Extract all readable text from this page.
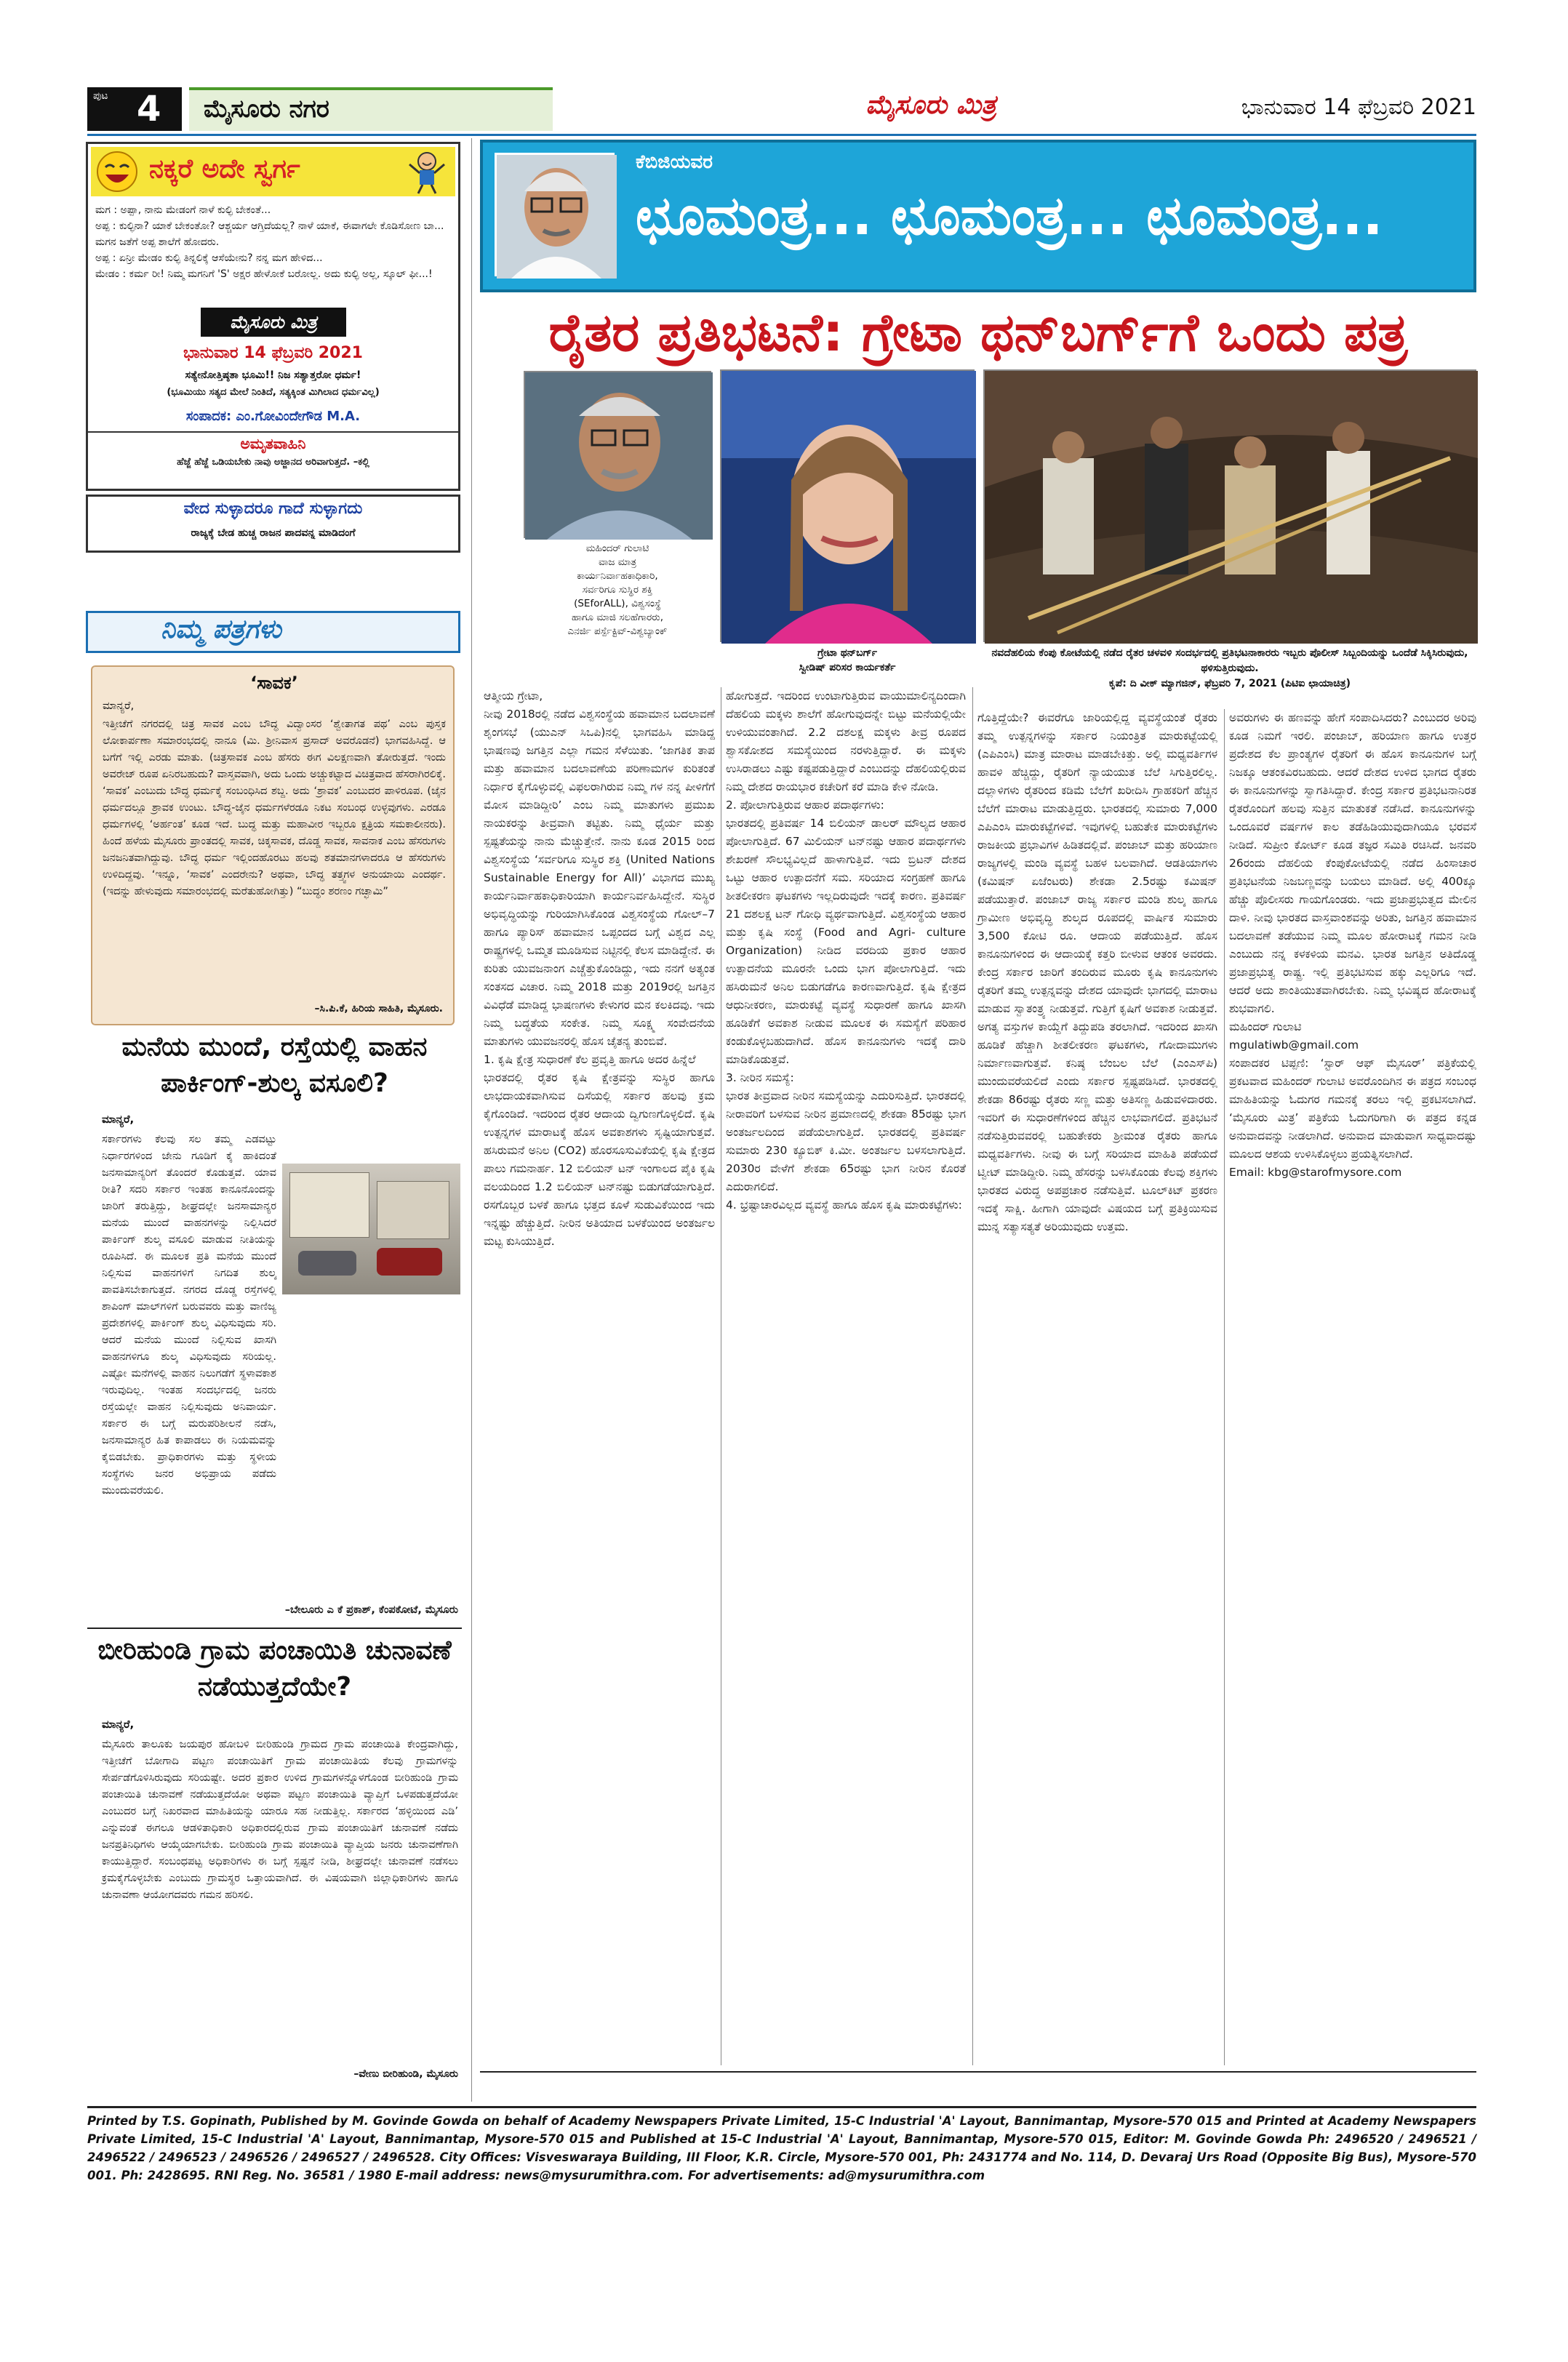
ಪುಟ 4 ಮೈಸೂರು ನಗರ	ಮೈಸೂರು ಮಿತ್ರ	ಭಾನುವಾರ 14 ಫೆಬ್ರವರಿ 2021
ನಕ್ಕರೆ ಅದೇ ಸ್ವರ್ಗ
ಮಗ : ಅಪ್ಪಾ, ನಾನು ಮೇಡಂಗೆ ನಾಳೆ ಕುಲ್ಫಿ ಬೇಕಂತೆ...
ಅಪ್ಪ : ಕುಲ್ಫಿನಾ? ಯಾಕೆ ಬೇಕಂತೋ? ಆಶ್ಚರ್ಯ ಆಗ್ತಿದೆಯಲ್ಲ? ನಾಳೆ ಯಾಕೆ, ಈವಾಗಲೇ ಕೊಡಿಸೋಣ ಬಾ...
ಮಗನ ಜತೆಗೆ ಅಪ್ಪ ಶಾಲೆಗೆ ಹೋದರು.
ಅಪ್ಪ : ಏನ್ರೀ ಮೇಡಂ ಕುಲ್ಫಿ ತಿನ್ನಲಿಕ್ಕೆ ಆಸೆಯೇನು? ನನ್ನ ಮಗ ಹೇಳಿದ...
ಮೇಡಂ : ಕರ್ಮ ರೀ! ನಿಮ್ಮ ಮಗನಿಗೆ 'S' ಅಕ್ಷರ ಹೇಳೋಕೆ ಬರೋಲ್ಲ. ಅದು ಕುಲ್ಫಿ ಅಲ್ಲ, ಸ್ಕೂಲ್ ಫೀ...!
ಮೈಸೂರು ಮಿತ್ರ
ಭಾನುವಾರ 14 ಫೆಬ್ರವರಿ 2021
ಸತ್ಯೇನೋತ್ತಿಷ್ಠತಾ ಭೂಮಿ!! ನಿಜ ಸತ್ಯಾತ್ತರೋ ಧರ್ಮ!
(ಭೂಮಿಯು ಸತ್ಯದ ಮೇಲೆ ನಿಂತಿದೆ, ಸತ್ಯಕ್ಕಿಂತ ಮಿಗಿಲಾದ ಧರ್ಮವಿಲ್ಲ)
ಸಂಪಾದಕ: ಎಂ.ಗೋವಿಂದೇಗೌಡ M.A.
ಅಮೃತವಾಹಿನಿ
ಹೆಜ್ಜೆ ಹೆಜ್ಜೆ ಒಡಿಯಬೇಕು ನಾವು ಅಜ್ಜಾನದ ಅರಿವಾಗುತ್ತದೆ. –ಕಲ್ಲಿ
ವೇದ ಸುಳ್ಳಾದರೂ ಗಾದೆ ಸುಳ್ಳಾಗದು
ರಾಜ್ಯಕ್ಕೆ ಬೇಡ ಹುಚ್ಚ ರಾಜನ ಪಾದವನ್ನ ಮಾಡಿದಂಗೆ
ನಿಮ್ಮ ಪತ್ರಗಳು
‘ಸಾವಕ’
ಮಾನ್ಯರೆ,
ಇತ್ತೀಚೆಗೆ ನಗರದಲ್ಲಿ ಚಿತ್ರ ಸಾವಕ ಎಂಬ ಬೌದ್ಧ ವಿದ್ವಾಂಸರ ‘ಶ್ವೇತಾಗತ ಪಥ’ ಎಂಬ ಪುಸ್ತಕ ಲೋಕಾರ್ಪಣಾ ಸಮಾರಂಭದಲ್ಲಿ ನಾನೂ (ಮಿ. ಶ್ರೀನಿವಾಸ ಪ್ರಸಾದ್ ಅವರೊಡನೆ) ಭಾಗವಹಿಸಿದ್ದೆ. ಆ ಬಗೆಗೆ ಇಲ್ಲಿ ಎರಡು ಮಾತು. (ಚಿತ್ರಸಾವಕ ಎಂಬ ಹೆಸರು ಈಗ ವಿಲಕ್ಷಣವಾಗಿ ತೋರುತ್ತದೆ. ಇಂದು ಅವರೇಜ್ ರೂಪ ಏನಿರಬಹುದು? ವಾಸ್ತವವಾಗಿ, ಅದು ಒಂದು ಅಚ್ಚುಕಟ್ಟಾದ ವಿಚಿತ್ರವಾದ ಹೆಸರಾಗಿರಲಿಕ್ಕೆ. ‘ಸಾವಕ’ ಎಂಬುದು ಬೌದ್ಧ ಧರ್ಮಕ್ಕೆ ಸಂಬಂಧಿಸಿದ ಶಬ್ದ. ಅದು ‘ಶ್ರಾವಕ’ ಎಂಬುದರ ಪಾಳಿರೂಪ. (ಜೈನ ಧರ್ಮದಲ್ಲೂ ಶ್ರಾವಕ ಉಂಟು. ಬೌದ್ಧ-ಜೈನ ಧರ್ಮಗಳೆರಡೂ ನಿಕಟ ಸಂಬಂಧ ಉಳ್ಳವುಗಳು. ಎರಡೂ ಧರ್ಮಗಳಲ್ಲಿ ‘ಅರ್ಹಂತ’ ಕೂಡ ಇದೆ. ಬುದ್ಧ ಮತ್ತು ಮಹಾವೀರ ಇಬ್ಬರೂ ಕ್ಷತ್ರಿಯ ಸಮಕಾಲೀನರು). ಹಿಂದೆ ಹಳೆಯ ಮೈಸೂರು ಪ್ರಾಂತದಲ್ಲಿ ಸಾವಕ, ಚಿಕ್ಕಸಾವಕ, ದೊಡ್ಡ ಸಾವಕ, ಸಾವನಾಕ ಎಂಬ ಹೆಸರುಗಳು ಜನಜನಿತವಾಗಿದ್ದುವು. ಬೌದ್ಧ ಧರ್ಮ ಇಲ್ಲಿಂದಹೊರಟು ಹಲವು ಶತಮಾನಗಳಾದರೂ ಆ ಹೆಸರುಗಳು ಉಳಿದಿದ್ದವು. ‘ಇನ್ನೂ, ‘ಸಾವಕ’ ಎಂದರೇನು? ಅಥವಾ, ಬೌದ್ಧ ತತ್ತ್ವಗಳ ಅನುಯಾಯಿ ಎಂದರ್ಥ. (ಇದನ್ನು ಹೇಳುವುದು ಸಮಾರಂಭದಲ್ಲಿ ಮರೆತುಹೋಗಿತ್ತು) “ಬುದ್ಧಂ ಶರಣಂ ಗಚ್ಛಾಮಿ”
–ಸಿ.ಪಿ.ಕೆ, ಹಿರಿಯ ಸಾಹಿತಿ, ಮೈಸೂರು.
ಮನೆಯ ಮುಂದೆ, ರಸ್ತೆಯಲ್ಲಿ ವಾಹನ ಪಾರ್ಕಿಂಗ್-ಶುಲ್ಕ ವಸೂಲಿ?
ಮಾನ್ಯರೆ,
ಸರ್ಕಾರಗಳು ಕೆಲವು ಸಲ ತಮ್ಮ ಎಡವಟ್ಟು ನಿರ್ಧಾರಗಳಿಂದ ಜೇನು ಗೂಡಿಗೆ ಕೈ ಹಾಕಿದಂತೆ ಜನಸಾಮಾನ್ಯರಿಗೆ ತೊಂದರೆ ಕೊಡುತ್ತವೆ. ಯಾವ ರೀತಿ? ಸದರಿ ಸರ್ಕಾರ ಇಂತಹ ಕಾನೂನೊಂದನ್ನು ಜಾರಿಗೆ ತರುತ್ತಿದ್ದು, ಶೀಘ್ರದಲ್ಲೇ ಜನಸಾಮಾನ್ಯರ ಮನೆಯ ಮುಂದೆ ವಾಹನಗಳನ್ನು ನಿಲ್ಲಿಸಿದರೆ ಪಾರ್ಕಿಂಗ್ ಶುಲ್ಕ ವಸೂಲಿ ಮಾಡುವ ನೀತಿಯನ್ನು ರೂಪಿಸಿದೆ. ಈ ಮೂಲಕ ಪ್ರತಿ ಮನೆಯ ಮುಂದೆ ನಿಲ್ಲಿಸುವ ವಾಹನಗಳಿಗೆ ನಿಗದಿತ ಶುಲ್ಕ ಪಾವತಿಸಬೇಕಾಗುತ್ತದೆ. ನಗರದ ದೊಡ್ಡ ರಸ್ತೆಗಳಲ್ಲಿ ಶಾಪಿಂಗ್ ಮಾಲ್‌ಗಳಿಗೆ ಬರುವವರು ಮತ್ತು ವಾಣಿಜ್ಯ ಪ್ರದೇಶಗಳಲ್ಲಿ ಪಾರ್ಕಿಂಗ್ ಶುಲ್ಕ ವಿಧಿಸುವುದು ಸರಿ. ಆದರೆ ಮನೆಯ ಮುಂದೆ ನಿಲ್ಲಿಸುವ ಖಾಸಗಿ ವಾಹನಗಳಿಗೂ ಶುಲ್ಕ ವಿಧಿಸುವುದು ಸರಿಯಲ್ಲ. ಎಷ್ಟೋ ಮನೆಗಳಲ್ಲಿ ವಾಹನ ನಿಲುಗಡೆಗೆ ಸ್ಥಳಾವಕಾಶ ಇರುವುದಿಲ್ಲ. ಇಂತಹ ಸಂದರ್ಭದಲ್ಲಿ ಜನರು ರಸ್ತೆಯಲ್ಲೇ ವಾಹನ ನಿಲ್ಲಿಸುವುದು ಅನಿವಾರ್ಯ. ಸರ್ಕಾರ ಈ ಬಗ್ಗೆ ಮರುಪರಿಶೀಲನೆ ನಡೆಸಿ, ಜನಸಾಮಾನ್ಯರ ಹಿತ ಕಾಪಾಡಲು ಈ ನಿಯಮವನ್ನು ಕೈಬಿಡಬೇಕು. ಪ್ರಾಧಿಕಾರಗಳು ಮತ್ತು ಸ್ಥಳೀಯ ಸಂಸ್ಥೆಗಳು ಜನರ ಅಭಿಪ್ರಾಯ ಪಡೆದು ಮುಂದುವರೆಯಲಿ.
–ಬೇಲೂರು ಎ ಕೆ ಪ್ರಕಾಶ್, ಕೆಂಪಕೋಟೆ, ಮೈಸೂರು
ಬೀರಿಹುಂಡಿ ಗ್ರಾಮ ಪಂಚಾಯಿತಿ ಚುನಾವಣೆ ನಡೆಯುತ್ತದೆಯೇ?
ಮಾನ್ಯರೆ,
ಮೈಸೂರು ತಾಲೂಕು ಜಯಪುರ ಹೋಬಳಿ ಬೀರಿಹುಂಡಿ ಗ್ರಾಮದ ಗ್ರಾಮ ಪಂಚಾಯಿತಿ ಕೇಂದ್ರವಾಗಿದ್ದು, ಇತ್ತೀಚೆಗೆ ಬೋಗಾದಿ ಪಟ್ಟಣ ಪಂಚಾಯಿತಿಗೆ ಗ್ರಾಮ ಪಂಚಾಯಿತಿಯ ಕೆಲವು ಗ್ರಾಮಗಳನ್ನು ಸೇರ್ಪಡೆಗೊಳಿಸಿರುವುದು ಸರಿಯಷ್ಟೇ. ಅದರ ಪ್ರಕಾರ ಉಳಿದ ಗ್ರಾಮಗಳನ್ನೊಳಗೊಂಡ ಬೀರಿಹುಂಡಿ ಗ್ರಾಮ ಪಂಚಾಯಿತಿ ಚುನಾವಣೆ ನಡೆಯುತ್ತದೆಯೋ ಅಥವಾ ಪಟ್ಟಣ ಪಂಚಾಯಿತಿ ವ್ಯಾಪ್ತಿಗೆ ಒಳಪಡುತ್ತದೆಯೋ ಎಂಬುದರ ಬಗ್ಗೆ ನಿಖರವಾದ ಮಾಹಿತಿಯನ್ನು ಯಾರೂ ಸಹ ನೀಡುತ್ತಿಲ್ಲ. ಸರ್ಕಾರದ ‘ಹಳ್ಳಿಯಿಂದ ಎಡಿ’ ಎನ್ನುವಂತೆ ಈಗಲೂ ಆಡಳಿತಾಧಿಕಾರಿ ಅಧಿಕಾರದಲ್ಲಿರುವ ಗ್ರಾಮ ಪಂಚಾಯಿತಿಗೆ ಚುನಾವಣೆ ನಡೆದು ಜನಪ್ರತಿನಿಧಿಗಳು ಆಯ್ಕೆಯಾಗಬೇಕು. ಬೀರಿಹುಂಡಿ ಗ್ರಾಮ ಪಂಚಾಯಿತಿ ವ್ಯಾಪ್ತಿಯ ಜನರು ಚುನಾವಣೆಗಾಗಿ ಕಾಯುತ್ತಿದ್ದಾರೆ. ಸಂಬಂಧಪಟ್ಟ ಅಧಿಕಾರಿಗಳು ಈ ಬಗ್ಗೆ ಸ್ಪಷ್ಟನೆ ನೀಡಿ, ಶೀಘ್ರದಲ್ಲೇ ಚುನಾವಣೆ ನಡೆಸಲು ಕ್ರಮಕೈಗೊಳ್ಳಬೇಕು ಎಂಬುದು ಗ್ರಾಮಸ್ಥರ ಒತ್ತಾಯವಾಗಿದೆ. ಈ ವಿಷಯವಾಗಿ ಜಿಲ್ಲಾಧಿಕಾರಿಗಳು ಹಾಗೂ ಚುನಾವಣಾ ಆಯೋಗದವರು ಗಮನ ಹರಿಸಲಿ.
–ವೇಣು ಬೀರಿಹುಂಡಿ, ಮೈಸೂರು
ಕೆಬಿಜಿಯವರ
ಛೂಮಂತ್ರ... ಛೂಮಂತ್ರ... ಛೂಮಂತ್ರ...
ರೈತರ ಪ್ರತಿಭಟನೆ: ಗ್ರೇಟಾ ಥನ್‌ಬರ್ಗ್‌ಗೆ ಒಂದು ಪತ್ರ
ಮಹಿಂದರ್ ಗುಲಾಟಿ
ವಾಜ ಮಾತ್ರ
ಕಾರ್ಯನಿರ್ವಾಹಕಾಧಿಕಾರಿ,
ಸರ್ವರಿಗೂ ಸುಸ್ಥಿರ ಶಕ್ತಿ
(SEforALL), ವಿಶ್ವಸಂಸ್ಥೆ
ಹಾಗೂ ಮಾಜಿ ಸಲಹೆಗಾರರು,
ಎನರ್ಜಿ ಪರ್ಸ್ಪೆಕ್ಟಿವ್-ವಿಶ್ವಬ್ಯಾಂಕ್
ಗ್ರೇಟಾ ಥನ್‌ಬರ್ಗ್
ಸ್ವೀಡಿಷ್ ಪರಿಸರ ಕಾರ್ಯಕರ್ತೆ
ನವದೆಹಲಿಯ ಕೆಂಪು ಕೋಟೆಯಲ್ಲಿ ನಡೆದ ರೈತರ ಚಳವಳಿ ಸಂದರ್ಭದಲ್ಲಿ ಪ್ರತಿಭಟನಾಕಾರರು ಇಬ್ಬರು ಪೊಲೀಸ್ ಸಿಬ್ಬಂದಿಯನ್ನು ಒಂದೆಡೆ ಸಿಕ್ಕಿಸಿರುವುದು, ಥಳಿಸುತ್ತಿರುವುದು.
ಕೃಪೆ: ದಿ ವೀಕ್ ಮ್ಯಾಗಜಿನ್, ಫೆಬ್ರವರಿ 7, 2021 (ಪಿಟಿಐ ಛಾಯಾಚಿತ್ರ)
ಆತ್ಮೀಯ ಗ್ರೇಟಾ,
ನೀವು 2018ರಲ್ಲಿ ನಡೆದ ವಿಶ್ವಸಂಸ್ಥೆಯ ಹವಾಮಾನ ಬದಲಾವಣೆ ಶೃಂಗಸಭೆ (ಯುಎನ್ ಸಿಒಪಿ)ನಲ್ಲಿ ಭಾಗವಹಿಸಿ ಮಾಡಿದ್ದ ಭಾಷಣವು ಜಗತ್ತಿನ ಎಲ್ಲಾ ಗಮನ ಸೆಳೆಯಿತು. ‘ಜಾಗತಿಕ ತಾಪ ಮತ್ತು ಹವಾಮಾನ ಬದಲಾವಣೆಯ ಪರಿಣಾಮಗಳ ಕುರಿತಂತೆ ನಿರ್ಧಾರ ಕೈಗೊಳ್ಳುವಲ್ಲಿ ವಿಫಲರಾಗಿರುವ ನಿಮ್ಮ ಗಳ ನನ್ನ ಪೀಳಿಗೆಗೆ ಮೋಸ ಮಾಡಿದ್ದೀರಿ’ ಎಂಬ ನಿಮ್ಮ ಮಾತುಗಳು ಪ್ರಮುಖ ನಾಯಕರನ್ನು ತೀವ್ರವಾಗಿ ತಟ್ಟಿತು. ನಿಮ್ಮ ಧೈರ್ಯ ಮತ್ತು ಸ್ಪಷ್ಟತೆಯನ್ನು ನಾನು ಮೆಚ್ಚುತ್ತೇನೆ. ನಾನು ಕೂಡ 2015 ರಿಂದ ವಿಶ್ವಸಂಸ್ಥೆಯ ‘ಸರ್ವರಿಗೂ ಸುಸ್ಥಿರ ಶಕ್ತಿ (United Nations Sustainable Energy for All)’ ವಿಭಾಗದ ಮುಖ್ಯ ಕಾರ್ಯನಿರ್ವಾಹಕಾಧಿಕಾರಿಯಾಗಿ ಕಾರ್ಯನಿರ್ವಹಿಸಿದ್ದೇನೆ. ಸುಸ್ಥಿರ ಅಭಿವೃದ್ಧಿಯನ್ನು ಗುರಿಯಾಗಿಸಿಕೊಂಡ ವಿಶ್ವಸಂಸ್ಥೆಯ ಗೋಲ್–7 ಹಾಗೂ ಪ್ಯಾರಿಸ್ ಹವಾಮಾನ ಒಪ್ಪಂದದ ಬಗ್ಗೆ ವಿಶ್ವದ ಎಲ್ಲ ರಾಷ್ಟ್ರಗಳಲ್ಲಿ ಒಮ್ಮತ ಮೂಡಿಸುವ ನಿಟ್ಟಿನಲ್ಲಿ ಕೆಲಸ ಮಾಡಿದ್ದೇನೆ. ಈ ಕುರಿತು ಯುವಜನಾಂಗ ಎಚ್ಚೆತ್ತುಕೊಂಡಿದ್ದು, ಇದು ನನಗೆ ಅತ್ಯಂತ ಸಂತಸದ ವಿಚಾರ. ನಿಮ್ಮ 2018 ಮತ್ತು 2019ರಲ್ಲಿ ಜಗತ್ತಿನ ವಿವಿಧೆಡೆ ಮಾಡಿದ್ದ ಭಾಷಣಗಳು ಕೇಳುಗರ ಮನ ಕಲಕಿದವು. ಇದು ನಿಮ್ಮ ಬದ್ಧತೆಯ ಸಂಕೇತ. ನಿಮ್ಮ ಸೂಕ್ಷ್ಮ ಸಂವೇದನೆಯ ಮಾತುಗಳು ಯುವಜನರಲ್ಲಿ ಹೊಸ ಚೈತನ್ಯ ತುಂಬಿವೆ.
1. ಕೃಷಿ ಕ್ಷೇತ್ರ ಸುಧಾರಣೆ ಕೆಲ ಪ್ರವೃತ್ತಿ ಹಾಗೂ ಅದರ ಹಿನ್ನೆಲೆ
ಭಾರತದಲ್ಲಿ ರೈತರ ಕೃಷಿ ಕ್ಷೇತ್ರವನ್ನು ಸುಸ್ಥಿರ ಹಾಗೂ ಲಾಭದಾಯಕವಾಗಿಸುವ ದಿಸೆಯಲ್ಲಿ ಸರ್ಕಾರ ಹಲವು ಕ್ರಮ ಕೈಗೊಂಡಿದೆ. ಇದರಿಂದ ರೈತರ ಆದಾಯ ದ್ವಿಗುಣಗೊಳ್ಳಲಿದೆ. ಕೃಷಿ ಉತ್ಪನ್ನಗಳ ಮಾರಾಟಕ್ಕೆ ಹೊಸ ಅವಕಾಶಗಳು ಸೃಷ್ಟಿಯಾಗುತ್ತವೆ. ಹಸಿರುಮನೆ ಅನಿಲ (CO2) ಹೊರಸೂಸುವಿಕೆಯಲ್ಲಿ ಕೃಷಿ ಕ್ಷೇತ್ರದ ಪಾಲು ಗಮನಾರ್ಹ. 12 ಬಿಲಿಯನ್ ಟನ್ ಇಂಗಾಲದ ಪೈಕಿ ಕೃಷಿ ವಲಯದಿಂದ 1.2 ಬಿಲಿಯನ್ ಟನ್‌ನಷ್ಟು ಬಿಡುಗಡೆಯಾಗುತ್ತಿದೆ. ರಸಗೊಬ್ಬರ ಬಳಕೆ ಹಾಗೂ ಭತ್ತದ ಕೂಳೆ ಸುಡುವಿಕೆಯಿಂದ ಇದು ಇನ್ನಷ್ಟು ಹೆಚ್ಚುತ್ತಿದೆ. ನೀರಿನ ಅತಿಯಾದ ಬಳಕೆಯಿಂದ ಅಂತರ್ಜಲ ಮಟ್ಟ ಕುಸಿಯುತ್ತಿದೆ.
ಹೋಗುತ್ತದೆ. ಇದರಿಂದ ಉಂಟಾಗುತ್ತಿರುವ ವಾಯುಮಾಲಿನ್ಯದಿಂದಾಗಿ ದೆಹಲಿಯ ಮಕ್ಕಳು ಶಾಲೆಗೆ ಹೋಗುವುದನ್ನೇ ಬಿಟ್ಟು ಮನೆಯಲ್ಲಿಯೇ ಉಳಿಯುವಂತಾಗಿದೆ. 2.2 ದಶಲಕ್ಷ ಮಕ್ಕಳು ತೀವ್ರ ರೂಪದ ಶ್ವಾಸಕೋಶದ ಸಮಸ್ಯೆಯಿಂದ ನರಳುತ್ತಿದ್ದಾರೆ. ಈ ಮಕ್ಕಳು ಉಸಿರಾಡಲು ಎಷ್ಟು ಕಷ್ಟಪಡುತ್ತಿದ್ದಾರೆ ಎಂಬುದನ್ನು ದೆಹಲಿಯಲ್ಲಿರುವ ನಿಮ್ಮ ದೇಶದ ರಾಯಭಾರ ಕಚೇರಿಗೆ ಕರೆ ಮಾಡಿ ಕೇಳಿ ನೋಡಿ.
2. ಪೋಲಾಗುತ್ತಿರುವ ಆಹಾರ ಪದಾರ್ಥಗಳು:
ಭಾರತದಲ್ಲಿ ಪ್ರತಿವರ್ಷ 14 ಬಿಲಿಯನ್ ಡಾಲರ್ ಮೌಲ್ಯದ ಆಹಾರ ಪೋಲಾಗುತ್ತಿದೆ. 67 ಮಿಲಿಯನ್ ಟನ್‌ನಷ್ಟು ಆಹಾರ ಪದಾರ್ಥಗಳು ಶೇಖರಣೆ ಸೌಲಭ್ಯವಿಲ್ಲದೆ ಹಾಳಾಗುತ್ತಿವೆ. ಇದು ಬ್ರಿಟನ್ ದೇಶದ ಒಟ್ಟು ಆಹಾರ ಉತ್ಪಾದನೆಗೆ ಸಮ. ಸರಿಯಾದ ಸಂಗ್ರಹಣೆ ಹಾಗೂ ಶೀತಲೀಕರಣ ಘಟಕಗಳು ಇಲ್ಲದಿರುವುದೇ ಇದಕ್ಕೆ ಕಾರಣ. ಪ್ರತಿವರ್ಷ 21 ದಶಲಕ್ಷ ಟನ್ ಗೋಧಿ ವ್ಯರ್ಥವಾಗುತ್ತಿದೆ. ವಿಶ್ವಸಂಸ್ಥೆಯ ಆಹಾರ ಮತ್ತು ಕೃಷಿ ಸಂಸ್ಥೆ (Food and Agri- culture Organization) ನೀಡಿದ ವರದಿಯ ಪ್ರಕಾರ ಆಹಾರ ಉತ್ಪಾದನೆಯ ಮೂರನೇ ಒಂದು ಭಾಗ ಪೋಲಾಗುತ್ತಿದೆ. ಇದು ಹಸಿರುಮನೆ ಅನಿಲ ಬಿಡುಗಡೆಗೂ ಕಾರಣವಾಗುತ್ತಿದೆ. ಕೃಷಿ ಕ್ಷೇತ್ರದ ಆಧುನೀಕರಣ, ಮಾರುಕಟ್ಟೆ ವ್ಯವಸ್ಥೆ ಸುಧಾರಣೆ ಹಾಗೂ ಖಾಸಗಿ ಹೂಡಿಕೆಗೆ ಅವಕಾಶ ನೀಡುವ ಮೂಲಕ ಈ ಸಮಸ್ಯೆಗೆ ಪರಿಹಾರ ಕಂಡುಕೊಳ್ಳಬಹುದಾಗಿದೆ. ಹೊಸ ಕಾನೂನುಗಳು ಇದಕ್ಕೆ ದಾರಿ ಮಾಡಿಕೊಡುತ್ತವೆ.
3. ನೀರಿನ ಸಮಸ್ಯೆ:
ಭಾರತ ತೀವ್ರವಾದ ನೀರಿನ ಸಮಸ್ಯೆಯನ್ನು ಎದುರಿಸುತ್ತಿದೆ. ಭಾರತದಲ್ಲಿ ನೀರಾವರಿಗೆ ಬಳಸುವ ನೀರಿನ ಪ್ರಮಾಣದಲ್ಲಿ ಶೇಕಡಾ 85ರಷ್ಟು ಭಾಗ ಅಂತರ್ಜಲದಿಂದ ಪಡೆಯಲಾಗುತ್ತಿದೆ. ಭಾರತದಲ್ಲಿ ಪ್ರತಿವರ್ಷ ಸುಮಾರು 230 ಕ್ಯೂಬಿಕ್ ಕಿ.ಮೀ. ಅಂತರ್ಜಲ ಬಳಸಲಾಗುತ್ತಿದೆ. 2030ರ ವೇಳೆಗೆ ಶೇಕಡಾ 65ರಷ್ಟು ಭಾಗ ನೀರಿನ ಕೊರತೆ ಎದುರಾಗಲಿದೆ.
4. ಭ್ರಷ್ಟಾಚಾರವಿಲ್ಲದ ವ್ಯವಸ್ಥೆ ಹಾಗೂ ಹೊಸ ಕೃಷಿ ಮಾರುಕಟ್ಟೆಗಳು:
ಗೊತ್ತಿದ್ದೆಯೇ? ಈವರೆಗೂ ಜಾರಿಯಲ್ಲಿದ್ದ ವ್ಯವಸ್ಥೆಯಂತೆ ರೈತರು ತಮ್ಮ ಉತ್ಪನ್ನಗಳನ್ನು ಸರ್ಕಾರ ನಿಯಂತ್ರಿತ ಮಾರುಕಟ್ಟೆಯಲ್ಲಿ (ಎಪಿಎಂಸಿ) ಮಾತ್ರ ಮಾರಾಟ ಮಾಡಬೇಕಿತ್ತು. ಅಲ್ಲಿ ಮಧ್ಯವರ್ತಿಗಳ ಹಾವಳಿ ಹೆಚ್ಚಿದ್ದು, ರೈತರಿಗೆ ನ್ಯಾಯಯುತ ಬೆಲೆ ಸಿಗುತ್ತಿರಲಿಲ್ಲ. ದಲ್ಲಾಳಿಗಳು ರೈತರಿಂದ ಕಡಿಮೆ ಬೆಲೆಗೆ ಖರೀದಿಸಿ ಗ್ರಾಹಕರಿಗೆ ಹೆಚ್ಚಿನ ಬೆಲೆಗೆ ಮಾರಾಟ ಮಾಡುತ್ತಿದ್ದರು. ಭಾರತದಲ್ಲಿ ಸುಮಾರು 7,000 ಎಪಿಎಂಸಿ ಮಾರುಕಟ್ಟೆಗಳಿವೆ. ಇವುಗಳಲ್ಲಿ ಬಹುತೇಕ ಮಾರುಕಟ್ಟೆಗಳು ರಾಜಕೀಯ ಪ್ರಭಾವಿಗಳ ಹಿಡಿತದಲ್ಲಿವೆ. ಪಂಜಾಬ್ ಮತ್ತು ಹರಿಯಾಣ ರಾಜ್ಯಗಳಲ್ಲಿ ಮಂಡಿ ವ್ಯವಸ್ಥೆ ಬಹಳ ಬಲವಾಗಿದೆ. ಆಡತಿಯಾಗಳು (ಕಮಿಷನ್ ಏಜೆಂಟರು) ಶೇಕಡಾ 2.5ರಷ್ಟು ಕಮಿಷನ್ ಪಡೆಯುತ್ತಾರೆ. ಪಂಜಾಬ್ ರಾಜ್ಯ ಸರ್ಕಾರ ಮಂಡಿ ಶುಲ್ಕ ಹಾಗೂ ಗ್ರಾಮೀಣ ಅಭಿವೃದ್ಧಿ ಶುಲ್ಕದ ರೂಪದಲ್ಲಿ ವಾರ್ಷಿಕ ಸುಮಾರು 3,500 ಕೋಟಿ ರೂ. ಆದಾಯ ಪಡೆಯುತ್ತಿದೆ. ಹೊಸ ಕಾನೂನುಗಳಿಂದ ಈ ಆದಾಯಕ್ಕೆ ಕತ್ತರಿ ಬೀಳುವ ಆತಂಕ ಅವರದು. ಕೇಂದ್ರ ಸರ್ಕಾರ ಜಾರಿಗೆ ತಂದಿರುವ ಮೂರು ಕೃಷಿ ಕಾನೂನುಗಳು ರೈತರಿಗೆ ತಮ್ಮ ಉತ್ಪನ್ನವನ್ನು ದೇಶದ ಯಾವುದೇ ಭಾಗದಲ್ಲಿ ಮಾರಾಟ ಮಾಡುವ ಸ್ವಾತಂತ್ರ್ಯ ನೀಡುತ್ತವೆ. ಗುತ್ತಿಗೆ ಕೃಷಿಗೆ ಅವಕಾಶ ನೀಡುತ್ತವೆ. ಅಗತ್ಯ ವಸ್ತುಗಳ ಕಾಯ್ದೆಗೆ ತಿದ್ದುಪಡಿ ತರಲಾಗಿದೆ. ಇದರಿಂದ ಖಾಸಗಿ ಹೂಡಿಕೆ ಹೆಚ್ಚಾಗಿ ಶೀತಲೀಕರಣ ಘಟಕಗಳು, ಗೋದಾಮುಗಳು ನಿರ್ಮಾಣವಾಗುತ್ತವೆ. ಕನಿಷ್ಠ ಬೆಂಬಲ ಬೆಲೆ (ಎಂಎಸ್‌ಪಿ) ಮುಂದುವರೆಯಲಿದೆ ಎಂದು ಸರ್ಕಾರ ಸ್ಪಷ್ಟಪಡಿಸಿದೆ. ಭಾರತದಲ್ಲಿ ಶೇಕಡಾ 86ರಷ್ಟು ರೈತರು ಸಣ್ಣ ಮತ್ತು ಅತಿಸಣ್ಣ ಹಿಡುವಳಿದಾರರು. ಇವರಿಗೆ ಈ ಸುಧಾರಣೆಗಳಿಂದ ಹೆಚ್ಚಿನ ಲಾಭವಾಗಲಿದೆ. ಪ್ರತಿಭಟನೆ ನಡೆಸುತ್ತಿರುವವರಲ್ಲಿ ಬಹುತೇಕರು ಶ್ರೀಮಂತ ರೈತರು ಹಾಗೂ ಮಧ್ಯವರ್ತಿಗಳು. ನೀವು ಈ ಬಗ್ಗೆ ಸರಿಯಾದ ಮಾಹಿತಿ ಪಡೆಯದೆ ಟ್ವೀಟ್ ಮಾಡಿದ್ದೀರಿ. ನಿಮ್ಮ ಹೆಸರನ್ನು ಬಳಸಿಕೊಂಡು ಕೆಲವು ಶಕ್ತಿಗಳು ಭಾರತದ ವಿರುದ್ಧ ಅಪಪ್ರಚಾರ ನಡೆಸುತ್ತಿವೆ. ಟೂಲ್‌ಕಿಟ್ ಪ್ರಕರಣ ಇದಕ್ಕೆ ಸಾಕ್ಷಿ. ಹೀಗಾಗಿ ಯಾವುದೇ ವಿಷಯದ ಬಗ್ಗೆ ಪ್ರತಿಕ್ರಿಯಿಸುವ ಮುನ್ನ ಸತ್ಯಾಸತ್ಯತೆ ಅರಿಯುವುದು ಉತ್ತಮ.
ಅವರುಗಳು ಈ ಹಣವನ್ನು ಹೇಗೆ ಸಂಪಾದಿಸಿದರು? ಎಂಬುದರ ಅರಿವು ಕೂಡ ನಿಮಗೆ ಇರಲಿ. ಪಂಜಾಬ್, ಹರಿಯಾಣ ಹಾಗೂ ಉತ್ತರ ಪ್ರದೇಶದ ಕೆಲ ಪ್ರಾಂತ್ಯಗಳ ರೈತರಿಗೆ ಈ ಹೊಸ ಕಾನೂನುಗಳ ಬಗ್ಗೆ ನಿಜಕ್ಕೂ ಆತಂಕವಿರಬಹುದು. ಆದರೆ ದೇಶದ ಉಳಿದ ಭಾಗದ ರೈತರು ಈ ಕಾನೂನುಗಳನ್ನು ಸ್ವಾಗತಿಸಿದ್ದಾರೆ. ಕೇಂದ್ರ ಸರ್ಕಾರ ಪ್ರತಿಭಟನಾನಿರತ ರೈತರೊಂದಿಗೆ ಹಲವು ಸುತ್ತಿನ ಮಾತುಕತೆ ನಡೆಸಿದೆ. ಕಾನೂನುಗಳನ್ನು ಒಂದೂವರೆ ವರ್ಷಗಳ ಕಾಲ ತಡೆಹಿಡಿಯುವುದಾಗಿಯೂ ಭರವಸೆ ನೀಡಿದೆ. ಸುಪ್ರೀಂ ಕೋರ್ಟ್ ಕೂಡ ತಜ್ಞರ ಸಮಿತಿ ರಚಿಸಿದೆ. ಜನವರಿ 26ರಂದು ದೆಹಲಿಯ ಕೆಂಪುಕೋಟೆಯಲ್ಲಿ ನಡೆದ ಹಿಂಸಾಚಾರ ಪ್ರತಿಭಟನೆಯ ನಿಜಬಣ್ಣವನ್ನು ಬಯಲು ಮಾಡಿದೆ. ಅಲ್ಲಿ 400ಕ್ಕೂ ಹೆಚ್ಚು ಪೊಲೀಸರು ಗಾಯಗೊಂಡರು. ಇದು ಪ್ರಜಾಪ್ರಭುತ್ವದ ಮೇಲಿನ ದಾಳಿ. ನೀವು ಭಾರತದ ವಾಸ್ತವಾಂಶವನ್ನು ಅರಿತು, ಜಗತ್ತಿನ ಹವಾಮಾನ ಬದಲಾವಣೆ ತಡೆಯುವ ನಿಮ್ಮ ಮೂಲ ಹೋರಾಟಕ್ಕೆ ಗಮನ ನೀಡಿ ಎಂಬುದು ನನ್ನ ಕಳಕಳಿಯ ಮನವಿ. ಭಾರತ ಜಗತ್ತಿನ ಅತಿದೊಡ್ಡ ಪ್ರಜಾಪ್ರಭುತ್ವ ರಾಷ್ಟ್ರ. ಇಲ್ಲಿ ಪ್ರತಿಭಟಿಸುವ ಹಕ್ಕು ಎಲ್ಲರಿಗೂ ಇದೆ. ಆದರೆ ಅದು ಶಾಂತಿಯುತವಾಗಿರಬೇಕು. ನಿಮ್ಮ ಭವಿಷ್ಯದ ಹೋರಾಟಕ್ಕೆ ಶುಭವಾಗಲಿ.
ಮಹಿಂದರ್ ಗುಲಾಟಿ
mgulatiwb@gmail.com
ಸಂಪಾದಕರ ಟಿಪ್ಪಣಿ: ‘ಸ್ಟಾರ್ ಆಫ್ ಮೈಸೂರ್’ ಪತ್ರಿಕೆಯಲ್ಲಿ ಪ್ರಕಟವಾದ ಮಹಿಂದರ್ ಗುಲಾಟಿ ಅವರೊಂದಿಗಿನ ಈ ಪತ್ರದ ಸಂಬಂಧ ಮಾಹಿತಿಯನ್ನು ಓದುಗರ ಗಮನಕ್ಕೆ ತರಲು ಇಲ್ಲಿ ಪ್ರಕಟಿಸಲಾಗಿದೆ. ‘ಮೈಸೂರು ಮಿತ್ರ’ ಪತ್ರಿಕೆಯ ಓದುಗರಿಗಾಗಿ ಈ ಪತ್ರದ ಕನ್ನಡ ಅನುವಾದವನ್ನು ನೀಡಲಾಗಿದೆ. ಅನುವಾದ ಮಾಡುವಾಗ ಸಾಧ್ಯವಾದಷ್ಟು ಮೂಲದ ಆಶಯ ಉಳಿಸಿಕೊಳ್ಳಲು ಪ್ರಯತ್ನಿಸಲಾಗಿದೆ.
Email: kbg@starofmysore.com
Printed by T.S. Gopinath, Published by M. Govinde Gowda on behalf of Academy Newspapers Private Limited, 15-C Industrial 'A' Layout, Bannimantap, Mysore-570 015 and Printed at Academy Newspapers Private Limited, 15-C Industrial 'A' Layout, Bannimantap, Mysore-570 015 and Published at 15-C Industrial 'A' Layout, Bannimantap, Mysore-570 015, Editor: M. Govinde Gowda Ph: 2496520 / 2496521 / 2496522 / 2496523 / 2496526 / 2496527 / 2496528. City Offices: Visveswaraya Building, III Floor, K.R. Circle, Mysore-570 001, Ph: 2431774 and No. 114, D. Devaraj Urs Road (Opposite Big Bus), Mysore-570 001. Ph: 2428695. RNI Reg. No. 36581 / 1980 E-mail address: news@mysurumithra.com. For advertisements: ad@mysurumithra.com
